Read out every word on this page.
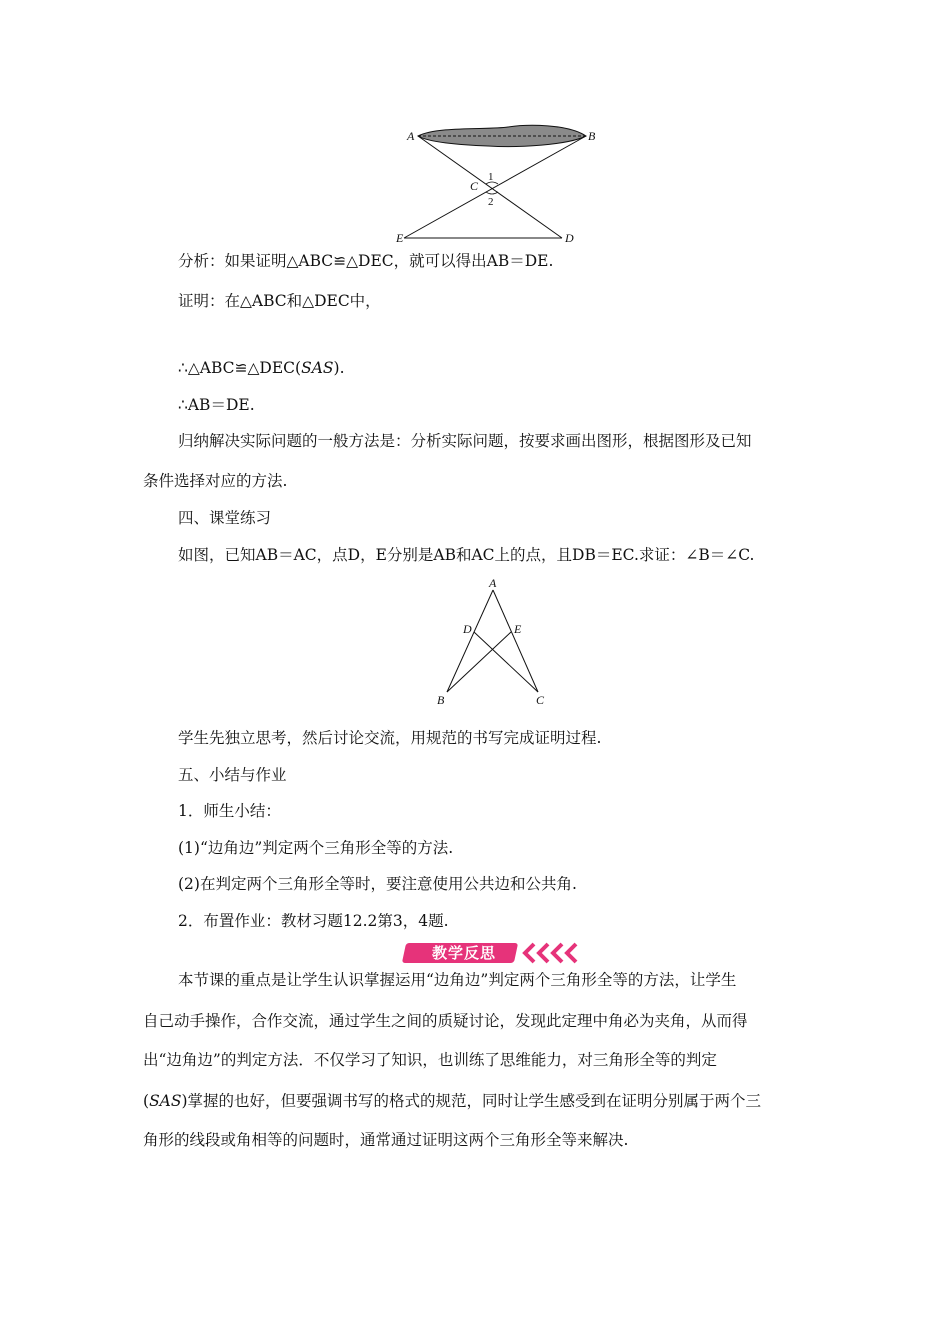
A	B
C
1
2
E	D
分析：如果证明△ABC≌△DEC，就可以得出AB＝DE.
证明：在△ABC和△DEC中，
∴△ABC≌△DEC(SAS).
∴AB＝DE.
归纳解决实际问题的一般方法是：分析实际问题，按要求画出图形，根据图形及已知
条件选择对应的方法.
四、课堂练习
如图，已知AB＝AC，点D，E分别是AB和AC上的点，且DB＝EC.求证：∠B＝∠C.
A
D	E
B	C
学生先独立思考，然后讨论交流，用规范的书写完成证明过程.
五、小结与作业
1．师生小结：
(1)“边角边”判定两个三角形全等的方法.
(2)在判定两个三角形全等时，要注意使用公共边和公共角.
2．布置作业：教材习题12.2第3，4题.
教学反思
本节课的重点是让学生认识掌握运用“边角边”判定两个三角形全等的方法，让学生
自己动手操作，合作交流，通过学生之间的质疑讨论，发现此定理中角必为夹角，从而得
出“边角边”的判定方法．不仅学习了知识，也训练了思维能力，对三角形全等的判定
(SAS)掌握的也好，但要强调书写的格式的规范，同时让学生感受到在证明分别属于两个三
角形的线段或角相等的问题时，通常通过证明这两个三角形全等来解决.
